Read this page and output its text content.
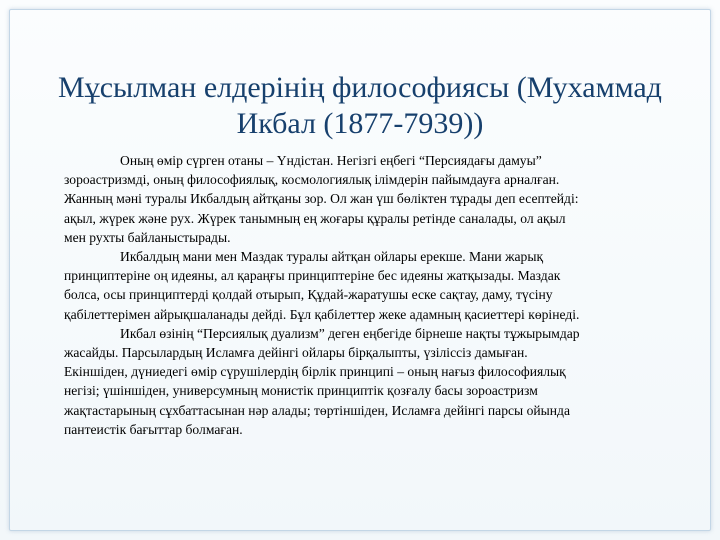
Мұсылман елдерінің философиясы (Мухаммад
Икбал (1877-7939))

Оның өмір сүрген отаны – Үндістан. Негізгі еңбегі “Персиядағы дамуы”
зороастризмді, оның философиялық, космологиялық ілімдерін пайымдауға арналған.
Жанның мәні туралы Икбалдың айтқаны зор. Ол жан үш бөліктен тұрады деп есептейді:
ақыл, жүрек және рух. Жүрек танымның ең жоғары құралы ретінде саналады, ол ақыл
мен рухты байланыстырады.

Икбалдың мани мен Маздак туралы айтқан ойлары ерекше. Мани жарық
принциптеріне оң идеяны, ал қараңғы принциптеріне бес идеяны жатқызады. Маздак
болса, осы принциптерді қолдай отырып, Құдай-жаратушы еске сақтау, даму, түсіну
қабілеттерімен айрықшаланады дейді. Бұл қабілеттер жеке адамның қасиеттері көрінеді.

Икбал өзінің “Персиялық дуализм” деген еңбегіде бірнеше нақты тұжырымдар
жасайды. Парсылардың Исламға дейінгі ойлары бірқалыпты, үзіліссіз дамыған.
Екіншіден, дүниедегі өмір сүрушілердің бірлік принципі – оның нағыз философиялық
негізі; үшіншіден, универсумның монистік принциптік қозғалу басы зороастризм
жақтастарының сұхбаттасынан нәр алады; төртіншіден, Исламға дейінгі парсы ойында
пантеистік бағыттар болмаған.
